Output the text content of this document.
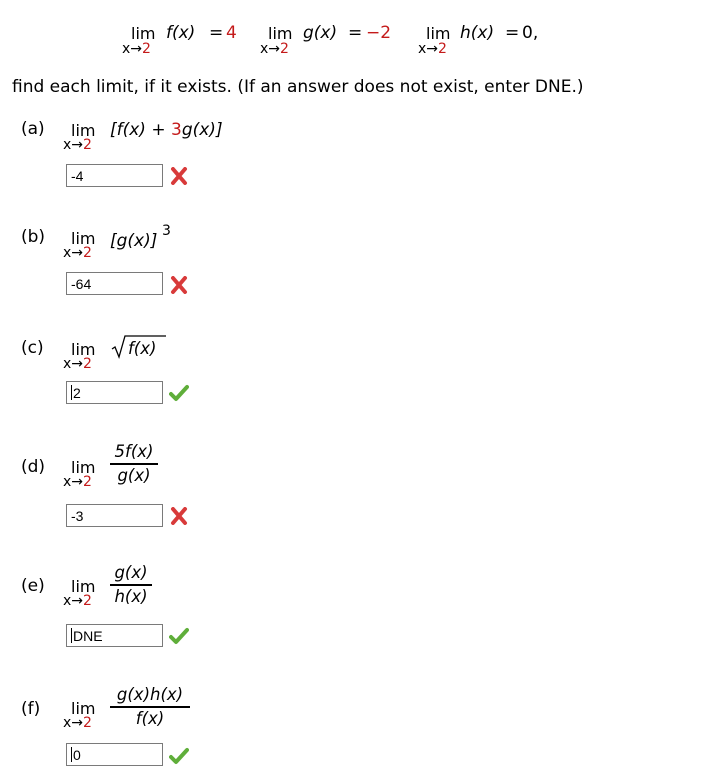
lim
x→2
f(x) = 4 lim
x→2
g(x) = −2 lim
x→2
h(x) = 0,
find each limit, if it exists. (If an answer does not exist, enter DNE.)
(a) lim
x→2
[f(x) + 3g(x)]
-4
(b) lim
x→2
[g(x)] 3
-64
(c) lim
x→2
f(x)
2
(d) lim
x→2
5f(x)
g(x)
-3
(e) lim
x→2
g(x)
h(x)
DNE
(f) lim
x→2
g(x)h(x)
f(x)
0
